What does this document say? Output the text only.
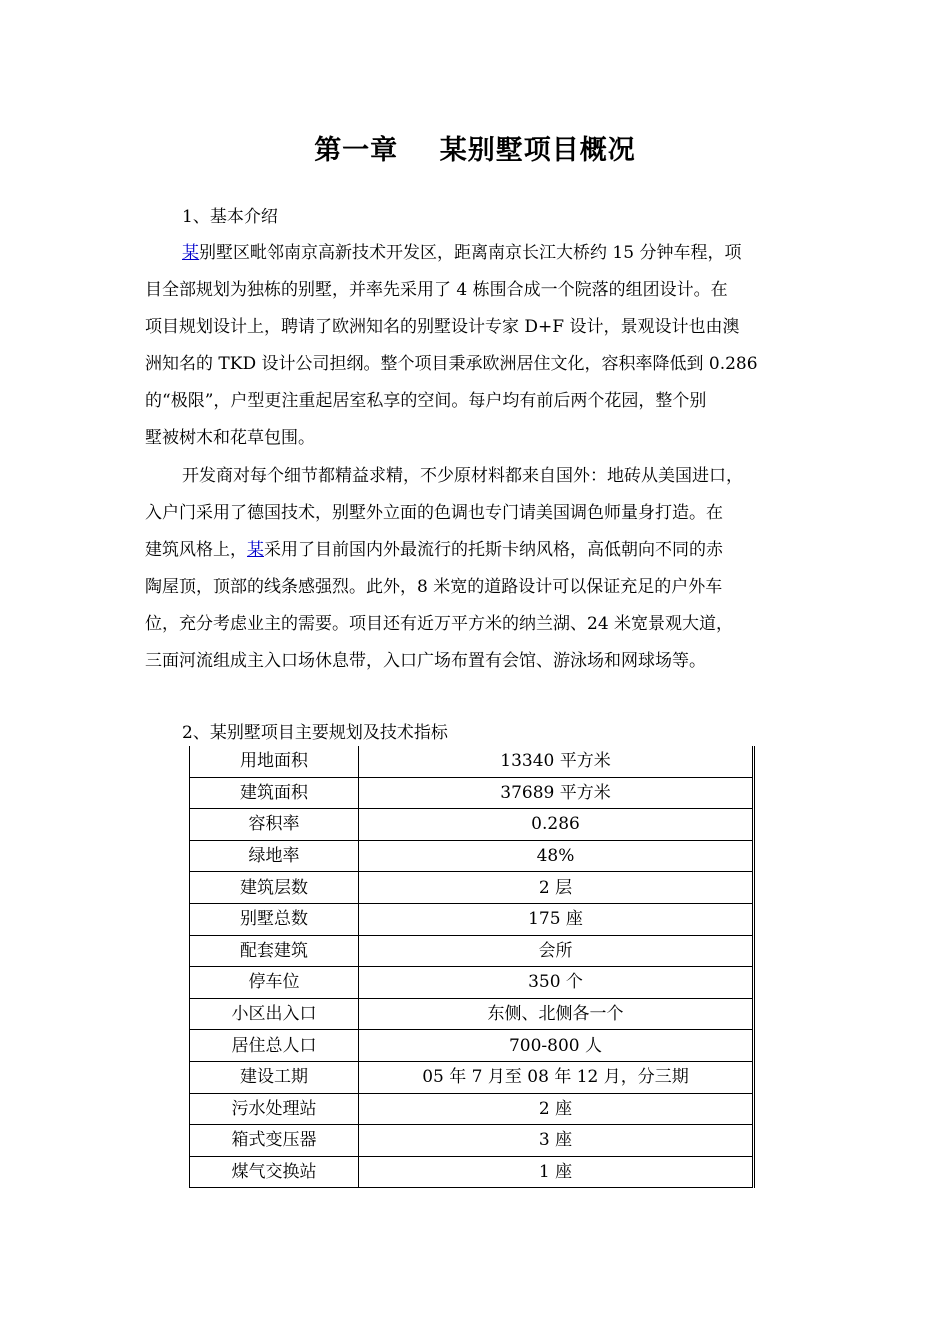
第一章    某别墅项目概况
1、基本介绍
某别墅区毗邻南京高新技术开发区，距离南京长江大桥约 15 分钟车程，项
目全部规划为独栋的别墅，并率先采用了 4 栋围合成一个院落的组团设计。在
项目规划设计上，聘请了欧洲知名的别墅设计专家 D+F 设计，景观设计也由澳
洲知名的 TKD 设计公司担纲。整个项目秉承欧洲居住文化，容积率降低到 0.286
的“极限”，户型更注重起居室私享的空间。每户均有前后两个花园，整个别
墅被树木和花草包围。
开发商对每个细节都精益求精，不少原材料都来自国外：地砖从美国进口，
入户门采用了德国技术，别墅外立面的色调也专门请美国调色师量身打造。在
建筑风格上，某采用了目前国内外最流行的托斯卡纳风格，高低朝向不同的赤
陶屋顶，顶部的线条感强烈。此外，8 米宽的道路设计可以保证充足的户外车
位，充分考虑业主的需要。项目还有近万平方米的纳兰湖、24 米宽景观大道，
三面河流组成主入口场休息带，入口广场布置有会馆、游泳场和网球场等。
2、某别墅项目主要规划及技术指标
用地面积	13340 平方米
建筑面积	37689 平方米
容积率	0.286
绿地率	48%
建筑层数	2 层
别墅总数	175 座
配套建筑	会所
停车位	350 个
小区出入口	东侧、北侧各一个
居住总人口	700-800 人
建设工期	05 年 7 月至 08 年 12 月，分三期
污水处理站	2 座
箱式变压器	3 座
煤气交换站	1 座
